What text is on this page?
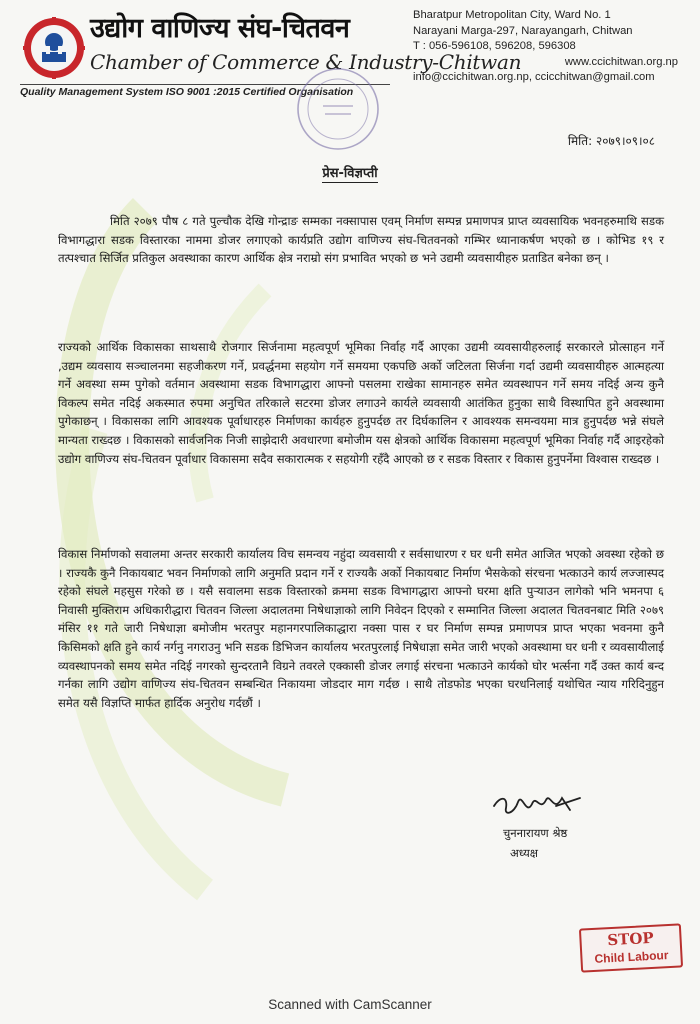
उद्योग वाणिज्य संघ-चितवन
Chamber of Commerce & Industry-Chitwan
Quality Management System ISO 9001 :2015 Certified Organisation
Bharatpur Metropolitan City, Ward No. 1
Narayani Marga-297, Narayangarh, Chitwan
T : 056-596108, 596208, 596308
www.ccichitwan.org.np
info@ccichitwan.org.np, ccicchitwan@gmail.com
मिति: २०७९।०९।०८
प्रेस-विज्ञप्ती
मिति २०७९ पौष ८ गते पुल्चौक देखि गोन्द्राङ सम्मका नक्सापास एवम् निर्माण सम्पन्न प्रमाणपत्र प्राप्त व्यवसायिक भवनहरुमाथि सडक विभागद्धारा सडक विस्तारका नाममा डोजर लगाएको कार्यप्रति उद्योग वाणिज्य संघ-चितवनको गम्भिर ध्यानाकर्षण भएको छ । कोभिड १९ र तत्पश्चात सिर्जित प्रतिकुल अवस्थाका कारण आर्थिक क्षेत्र नराम्रो संग प्रभावित भएको छ भने उद्यमी व्यवसायीहरु प्रताडित बनेका छन् ।
राज्यको आर्थिक विकासका साथसाथै रोजगार सिर्जनामा महत्वपूर्ण भूमिका निर्वाह गर्दै आएका उद्यमी व्यवसायीहरुलाई सरकारले प्रोत्साहन गर्ने ,उद्यम व्यवसाय सञ्चालनमा सहजीकरण गर्ने, प्रवर्द्धनमा सहयोग गर्ने समयमा एकपछि अर्को जटिलता सिर्जना गर्दा उद्यमी व्यवसायीहरु आत्महत्या गर्ने अवस्था सम्म पुगेको वर्तमान अवस्थामा सडक विभागद्धारा आफ्नो पसलमा राखेका सामानहरु समेत व्यवस्थापन गर्ने समय नदिई अन्य कुनै विकल्प समेत नदिई अकस्मात रुपमा अनुचित तरिकाले सटरमा डोजर लगाउने कार्यले व्यवसायी आतंकित हुनुका साथै विस्थापित हुने अवस्थामा पुगेकाछन् । विकासका लागि आवश्यक पूर्वाधारहरु निर्माणका कार्यहरु हुनुपर्दछ तर दिर्घकालिन र आवश्यक समन्वयमा मात्र हुनुपर्दछ भन्ने संघले मान्यता राख्दछ । विकासको सार्वजनिक निजी साझेदारी अवधारणा बमोजीम यस क्षेत्रको आर्थिक विकासमा महत्वपूर्ण भूमिका निर्वाह गर्दै आइरहेको उद्योग वाणिज्य संघ-चितवन पूर्वाधार विकासमा सदैव सकारात्मक र सहयोगी रहँदै आएको छ र सडक विस्तार र विकास हुनुपर्नेमा विश्वास राख्दछ ।
विकास निर्माणको सवालमा अन्तर सरकारी कार्यालय विच समन्वय नहुंदा व्यवसायी र सर्वसाधारण र घर धनी समेत आजित भएको अवस्था रहेको छ । राज्यकै कुनै निकायबाट भवन निर्माणको लागि अनुमति प्रदान गर्ने र राज्यकै अर्को निकायबाट निर्माण भैसकेको संरचना भत्काउने कार्य लज्जास्पद रहेको संघले महसुस गरेको छ । यसै सवालमा सडक विस्तारको क्रममा सडक विभागद्धारा आफ्नो घरमा क्षति पुऱ्याउन लागेको भनि भमनपा ६ निवासी मुक्तिराम अधिकारीद्धारा चितवन जिल्ला अदालतमा निषेधाज्ञाको लागि निवेदन दिएको र सम्मानित जिल्ला अदालत चितवनबाट मिति २०७९ मंसिर ११ गते जारी निषेधाज्ञा बमोजीम भरतपुर महानगरपालिकाद्धारा नक्सा पास र घर निर्माण सम्पन्न प्रमाणपत्र प्राप्त भएका भवनमा कुनै किसिमको क्षति हुने कार्य नर्गनु नगराउनु भनि सडक डिभिजन कार्यालय भरतपुरलाई निषेधाज्ञा समेत जारी भएको अवस्थामा घर धनी र व्यवसायीलाई व्यवस्थापनको समय समेत नदिई नगरको सुन्दरतानै विग्रने तवरले एक्कासी डोजर लगाई संरचना भत्काउने कार्यको घोर भर्त्सना गर्दै उक्त कार्य बन्द गर्नका लागि उद्योग वाणिज्य संघ-चितवन सम्बन्धित निकायमा जोडदार माग गर्दछ । साथै तोडफोड भएका घरधनिलाई यथोचित न्याय गरिदिनुहुन समेत यसै विज्ञप्ति मार्फत हार्दिक अनुरोध गर्दछौं ।
चुननारायण श्रेष्ठ
अध्यक्ष
STOP
Child Labour
Scanned with CamScanner
